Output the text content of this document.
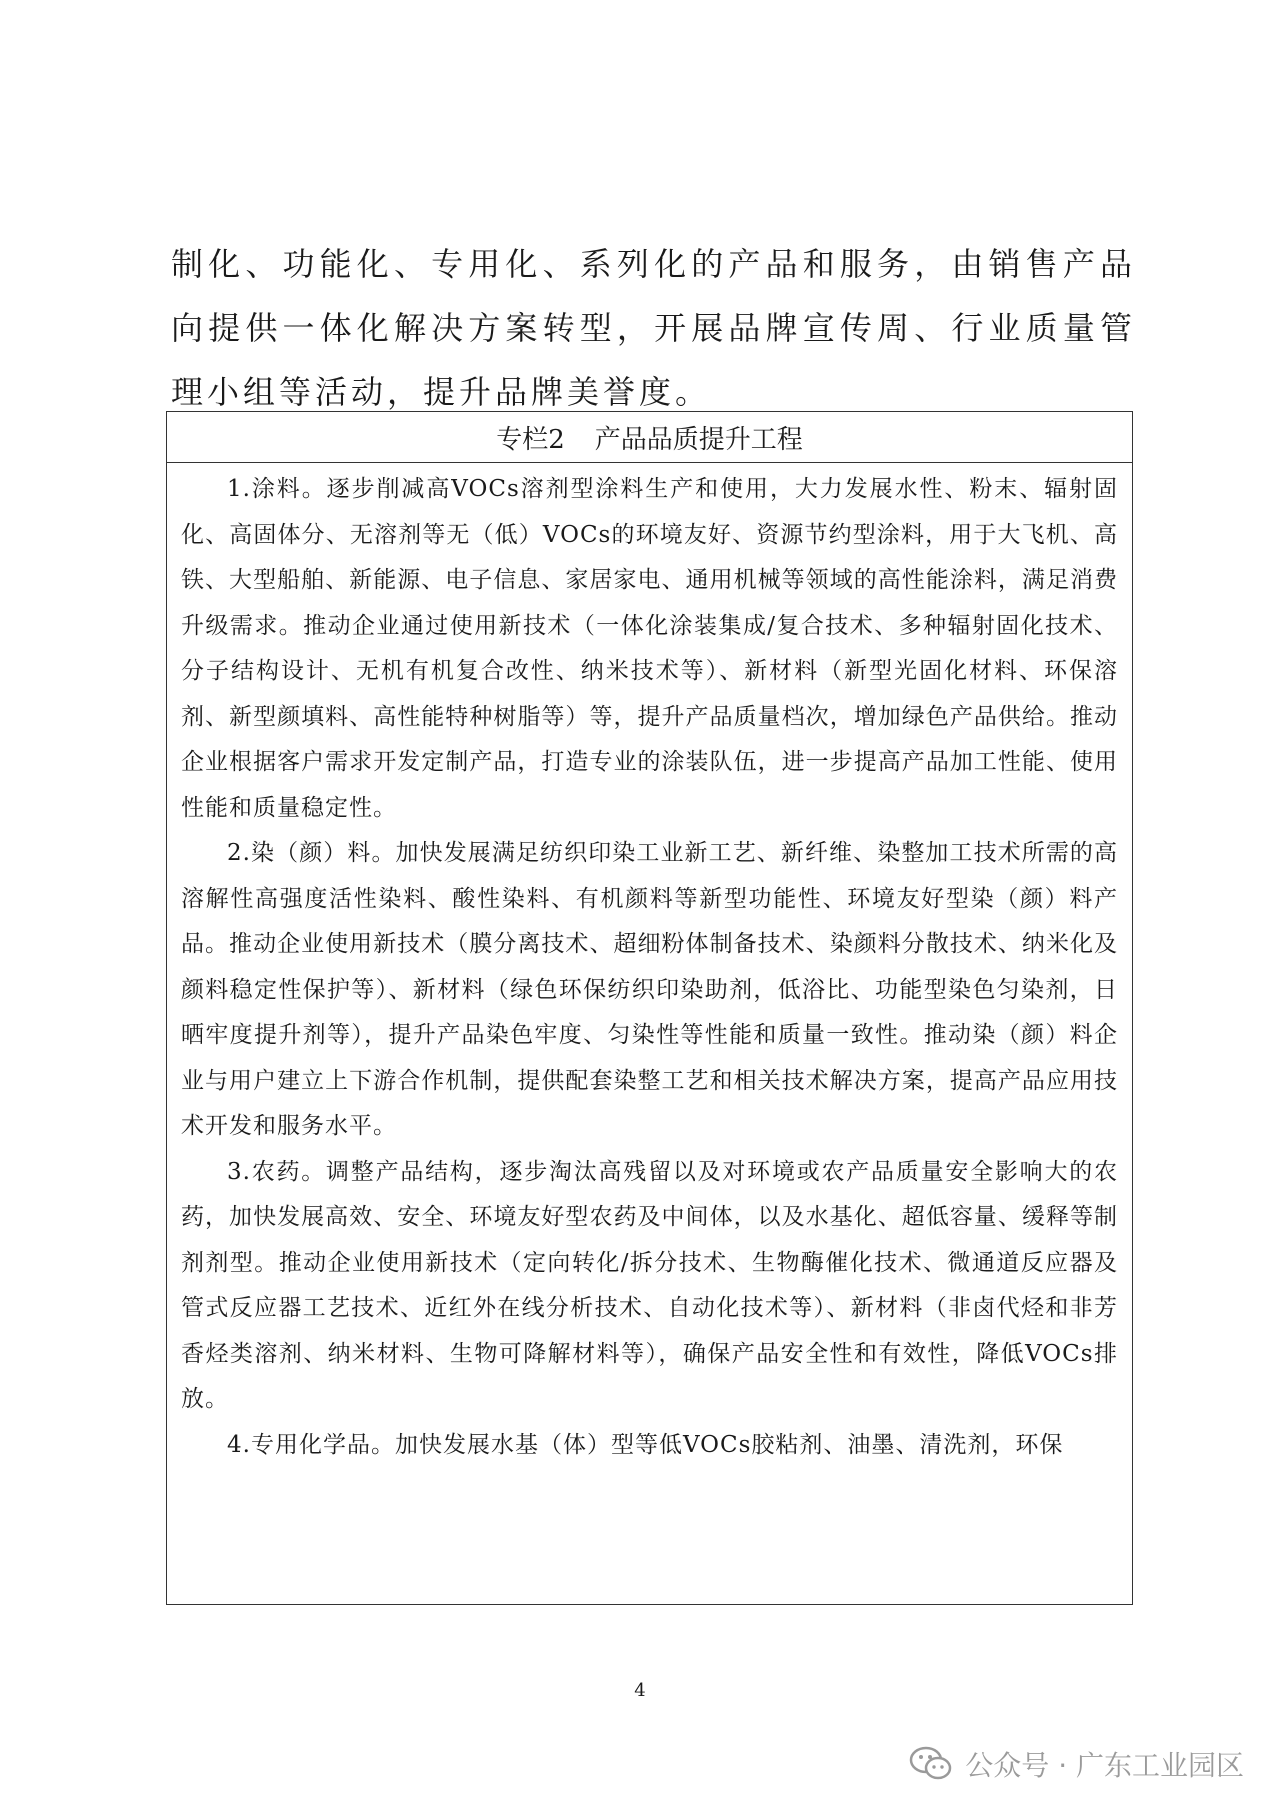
制化、功能化、专用化、系列化的产品和服务，由销售产品向提供一体化解决方案转型，开展品牌宣传周、行业质量管理小组等活动，提升品牌美誉度。

专栏2 产品品质提升工程

1.涂料。逐步削减高VOCs溶剂型涂料生产和使用，大力发展水性、粉末、辐射固化、高固体分、无溶剂等无（低）VOCs的环境友好、资源节约型涂料，用于大飞机、高铁、大型船舶、新能源、电子信息、家居家电、通用机械等领域的高性能涂料，满足消费升级需求。推动企业通过使用新技术（一体化涂装集成/复合技术、多种辐射固化技术、分子结构设计、无机有机复合改性、纳米技术等）、新材料（新型光固化材料、环保溶剂、新型颜填料、高性能特种树脂等）等，提升产品质量档次，增加绿色产品供给。推动企业根据客户需求开发定制产品，打造专业的涂装队伍，进一步提高产品加工性能、使用性能和质量稳定性。

2.染（颜）料。加快发展满足纺织印染工业新工艺、新纤维、染整加工技术所需的高溶解性高强度活性染料、酸性染料、有机颜料等新型功能性、环境友好型染（颜）料产品。推动企业使用新技术（膜分离技术、超细粉体制备技术、染颜料分散技术、纳米化及颜料稳定性保护等）、新材料（绿色环保纺织印染助剂，低浴比、功能型染色匀染剂，日晒牢度提升剂等），提升产品染色牢度、匀染性等性能和质量一致性。推动染（颜）料企业与用户建立上下游合作机制，提供配套染整工艺和相关技术解决方案，提高产品应用技术开发和服务水平。

3.农药。调整产品结构，逐步淘汰高残留以及对环境或农产品质量安全影响大的农药，加快发展高效、安全、环境友好型农药及中间体，以及水基化、超低容量、缓释等制剂剂型。推动企业使用新技术（定向转化/拆分技术、生物酶催化技术、微通道反应器及管式反应器工艺技术、近红外在线分析技术、自动化技术等）、新材料（非卤代烃和非芳香烃类溶剂、纳米材料、生物可降解材料等），确保产品安全性和有效性，降低VOCs排放。

4.专用化学品。加快发展水基（体）型等低VOCs胶粘剂、油墨、清洗剂，环保

4
公众号 · 广东工业园区
